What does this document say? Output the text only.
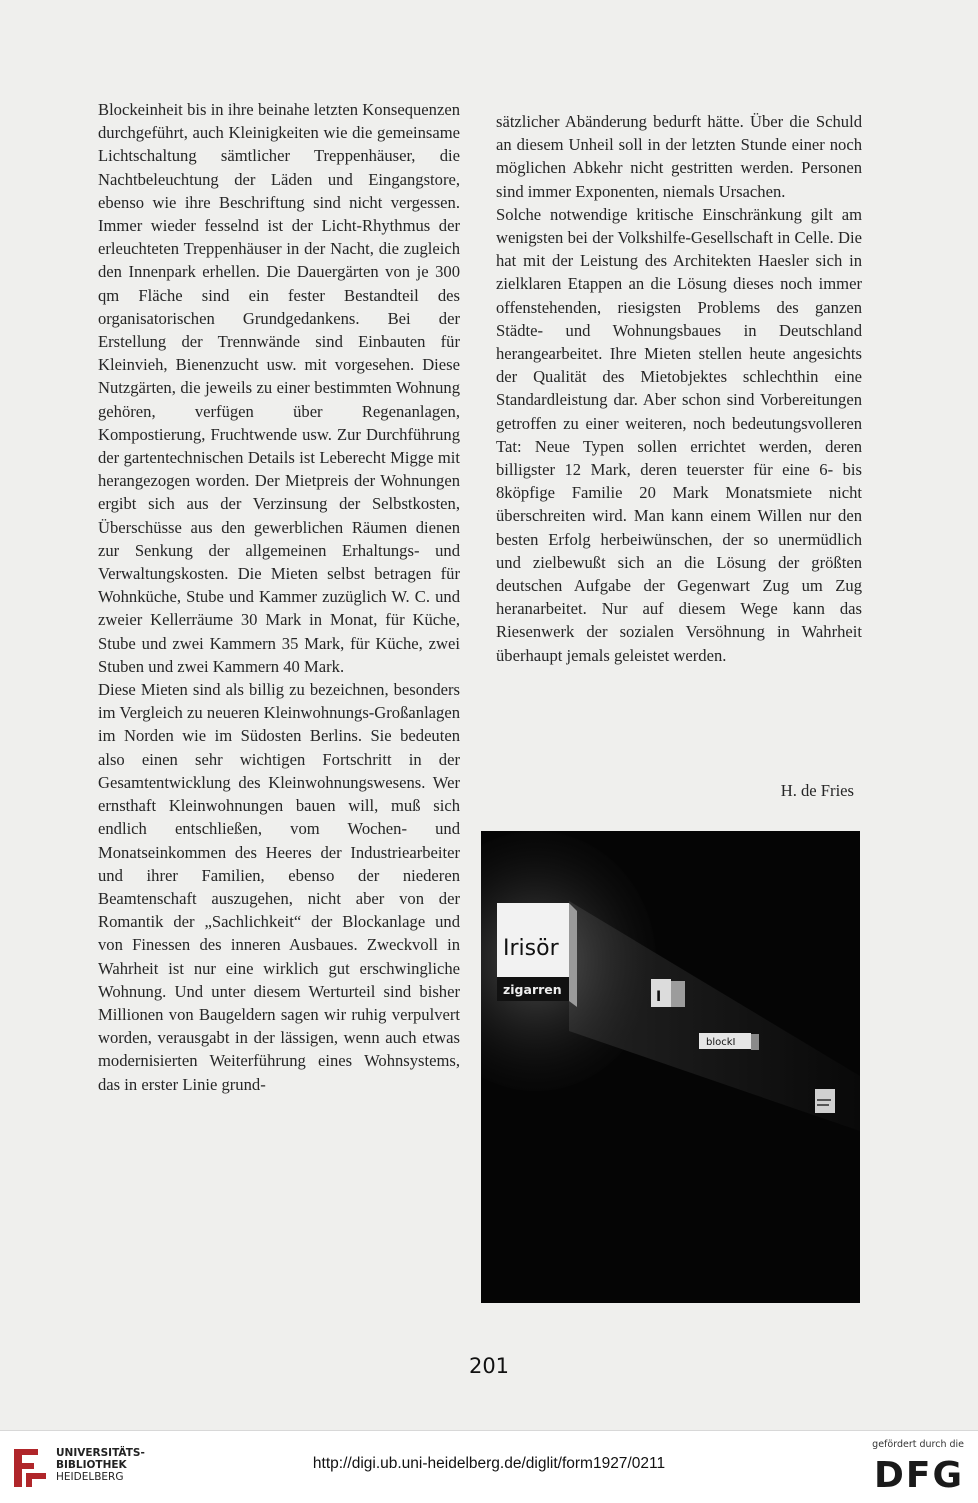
Blockeinheit bis in ihre beinahe letzten Konsequenzen durchgeführt, auch Kleinigkeiten wie die gemeinsame Lichtschaltung sämtlicher Treppenhäuser, die Nachtbeleuchtung der Läden und Eingangstore, ebenso wie ihre Beschriftung sind nicht vergessen. Immer wieder fesselnd ist der Licht-Rhythmus der erleuchteten Treppenhäuser in der Nacht, die zugleich den Innenpark erhellen. Die Dauergärten von je 300 qm Fläche sind ein fester Bestandteil des organisatorischen Grundgedankens. Bei der Erstellung der Trennwände sind Einbauten für Kleinvieh, Bienenzucht usw. mit vorgesehen. Diese Nutzgärten, die jeweils zu einer bestimmten Wohnung gehören, verfügen über Regenanlagen, Kompostierung, Fruchtwende usw. Zur Durchführung der gartentechnischen Details ist Leberecht Migge mit herangezogen worden. Der Mietpreis der Wohnungen ergibt sich aus der Verzinsung der Selbstkosten, Überschüsse aus den gewerblichen Räumen dienen zur Senkung der allgemeinen Erhaltungs- und Verwaltungskosten. Die Mieten selbst betragen für Wohnküche, Stube und Kammer zuzüglich W. C. und zweier Kellerräume 30 Mark in Monat, für Küche, Stube und zwei Kammern 35 Mark, für Küche, zwei Stuben und zwei Kammern 40 Mark.

Diese Mieten sind als billig zu bezeichnen, besonders im Vergleich zu neueren Kleinwohnungs-Großanlagen im Norden wie im Südosten Berlins. Sie bedeuten also einen sehr wichtigen Fortschritt in der Gesamtentwicklung des Kleinwohnungswesens. Wer ernsthaft Kleinwohnungen bauen will, muß sich endlich entschließen, vom Wochen- und Monatseinkommen des Heeres der Industriearbeiter und ihrer Familien, ebenso der niederen Beamtenschaft auszugehen, nicht aber von der Romantik der „Sachlichkeit“ der Blockanlage und von Finessen des inneren Ausbaues. Zweckvoll in Wahrheit ist nur eine wirklich gut erschwingliche Wohnung. Und unter diesem Werturteil sind bisher Millionen von Baugeldern sagen wir ruhig verpulvert worden, verausgabt in der lässigen, wenn auch etwas modernisierten Weiterführung eines Wohnsystems, das in erster Linie grund-

sätzlicher Abänderung bedurft hätte. Über die Schuld an diesem Unheil soll in der letzten Stunde einer noch möglichen Abkehr nicht gestritten werden. Personen sind immer Exponenten, niemals Ursachen.

Solche notwendige kritische Einschränkung gilt am wenigsten bei der Volkshilfe-Gesellschaft in Celle. Die hat mit der Leistung des Architekten Haesler sich in zielklaren Etappen an die Lösung dieses noch immer offenstehenden, riesigsten Problems des ganzen Städte- und Wohnungsbaues in Deutschland herangearbeitet. Ihre Mieten stellen heute angesichts der Qualität des Mietobjektes schlechthin eine Standardleistung dar. Aber schon sind Vorbereitungen getroffen zu einer weiteren, noch bedeutungsvolleren Tat: Neue Typen sollen errichtet werden, deren billigster 12 Mark, deren teuerster für eine 6- bis 8köpfige Familie 20 Mark Monatsmiete nicht überschreiten wird. Man kann einem Willen nur den besten Erfolg herbeiwünschen, der so unermüdlich und zielbewußt sich an die Lösung der größten deutschen Aufgabe der Gegenwart Zug um Zug heranarbeitet. Nur auf diesem Wege kann das Riesenwerk der sozialen Versöhnung in Wahrheit überhaupt jemals geleistet werden.

H. de Fries
Irisör
zigarren	I
blockI
201
UNIVERSITÄTS-
BIBLIOTHEK
HEIDELBERG
http://digi.ub.uni-heidelberg.de/diglit/form1927/0211
gefördert durch die
DFG
